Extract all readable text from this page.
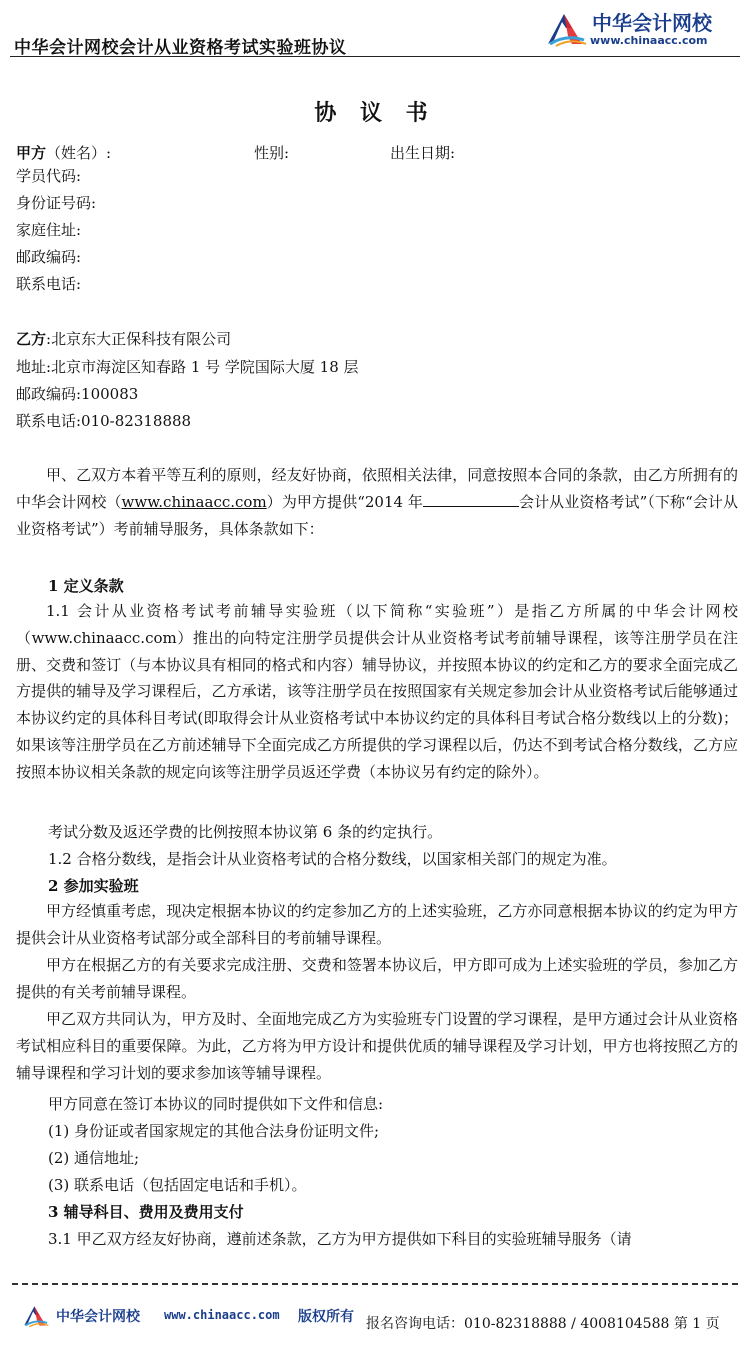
中华会计网校会计从业资格考试实验班协议
中华会计网校
www.chinaacc.com
协 议 书
甲方（姓名）:	性别:	出生日期:
学员代码:
身份证号码:
家庭住址:
邮政编码:
联系电话:
乙方:北京东大正保科技有限公司
地址:北京市海淀区知春路 1 号 学院国际大厦 18 层
邮政编码:100083
联系电话:010-82318888
甲、乙双方本着平等互利的原则，经友好协商，依照相关法律，同意按照本合同的条款，由乙方所拥有的中华会计网校（www.chinaacc.com）为甲方提供“2014 年	会计从业资格考试”（下称“会计从业资格考试”）考前辅导服务，具体条款如下：
1 定义条款
1.1 会计从业资格考试考前辅导实验班（以下简称“实验班”）是指乙方所属的中华会计网校（www.chinaacc.com）推出的向特定注册学员提供会计从业资格考试考前辅导课程，该等注册学员在注册、交费和签订（与本协议具有相同的格式和内容）辅导协议，并按照本协议的约定和乙方的要求全面完成乙方提供的辅导及学习课程后，乙方承诺，该等注册学员在按照国家有关规定参加会计从业资格考试后能够通过本协议约定的具体科目考试(即取得会计从业资格考试中本协议约定的具体科目考试合格分数线以上的分数)；如果该等注册学员在乙方前述辅导下全面完成乙方所提供的学习课程以后，仍达不到考试合格分数线，乙方应按照本协议相关条款的规定向该等注册学员返还学费（本协议另有约定的除外）。
考试分数及返还学费的比例按照本协议第 6 条的约定执行。
1.2 合格分数线，是指会计从业资格考试的合格分数线，以国家相关部门的规定为准。
2 参加实验班
甲方经慎重考虑，现决定根据本协议的约定参加乙方的上述实验班，乙方亦同意根据本协议的约定为甲方提供会计从业资格考试部分或全部科目的考前辅导课程。
甲方在根据乙方的有关要求完成注册、交费和签署本协议后，甲方即可成为上述实验班的学员，参加乙方提供的有关考前辅导课程。
甲乙双方共同认为，甲方及时、全面地完成乙方为实验班专门设置的学习课程，是甲方通过会计从业资格考试相应科目的重要保障。为此，乙方将为甲方设计和提供优质的辅导课程及学习计划，甲方也将按照乙方的辅导课程和学习计划的要求参加该等辅导课程。
甲方同意在签订本协议的同时提供如下文件和信息:
(1) 身份证或者国家规定的其他合法身份证明文件;
(2) 通信地址;
(3) 联系电话（包括固定电话和手机）。
3 辅导科目、费用及费用支付
3.1 甲乙双方经友好协商，遵前述条款，乙方为甲方提供如下科目的实验班辅导服务（请
中华会计网校 www.chinaacc.com 版权所有 报名咨询电话：010-82318888 / 4008104588 第 1 页
